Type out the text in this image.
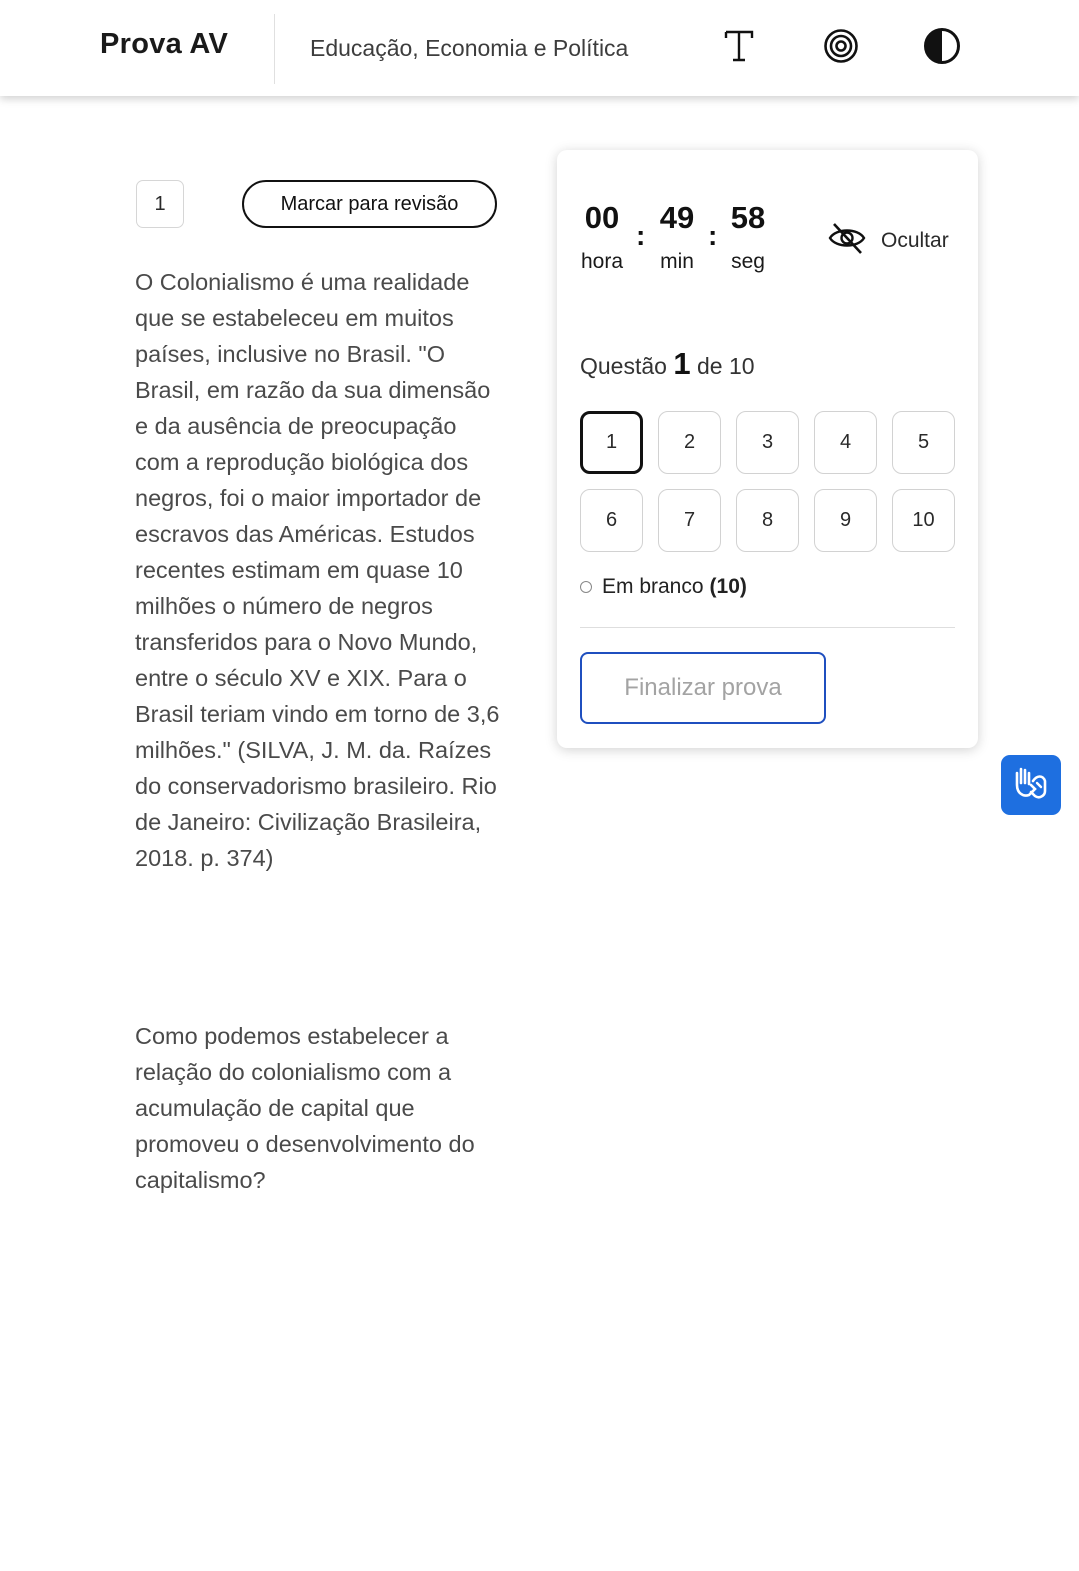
Prova AV	Educação, Economia e Política
1	Marcar para revisão
O Colonialismo é uma realidade que se estabeleceu em muitos países, inclusive no Brasil. "O Brasil, em razão da sua dimensão e da ausência de preocupação com a reprodução biológica dos negros, foi o maior importador de escravos das Américas. Estudos recentes estimam em quase 10 milhões o número de negros transferidos para o Novo Mundo, entre o século XV e XIX. Para o Brasil teriam vindo em torno de 3,6 milhões." (SILVA, J. M. da. Raízes do conservadorismo brasileiro. Rio de Janeiro: Civilização Brasileira, 2018. p. 374)
Como podemos estabelecer a relação do colonialismo com a acumulação de capital que promoveu o desenvolvimento do capitalismo?
00
:
49
:
58
hora min seg
Ocultar
Questão 1 de 10
1	2	3	4	5
6	7	8	9	10
Em branco (10)
Finalizar prova
